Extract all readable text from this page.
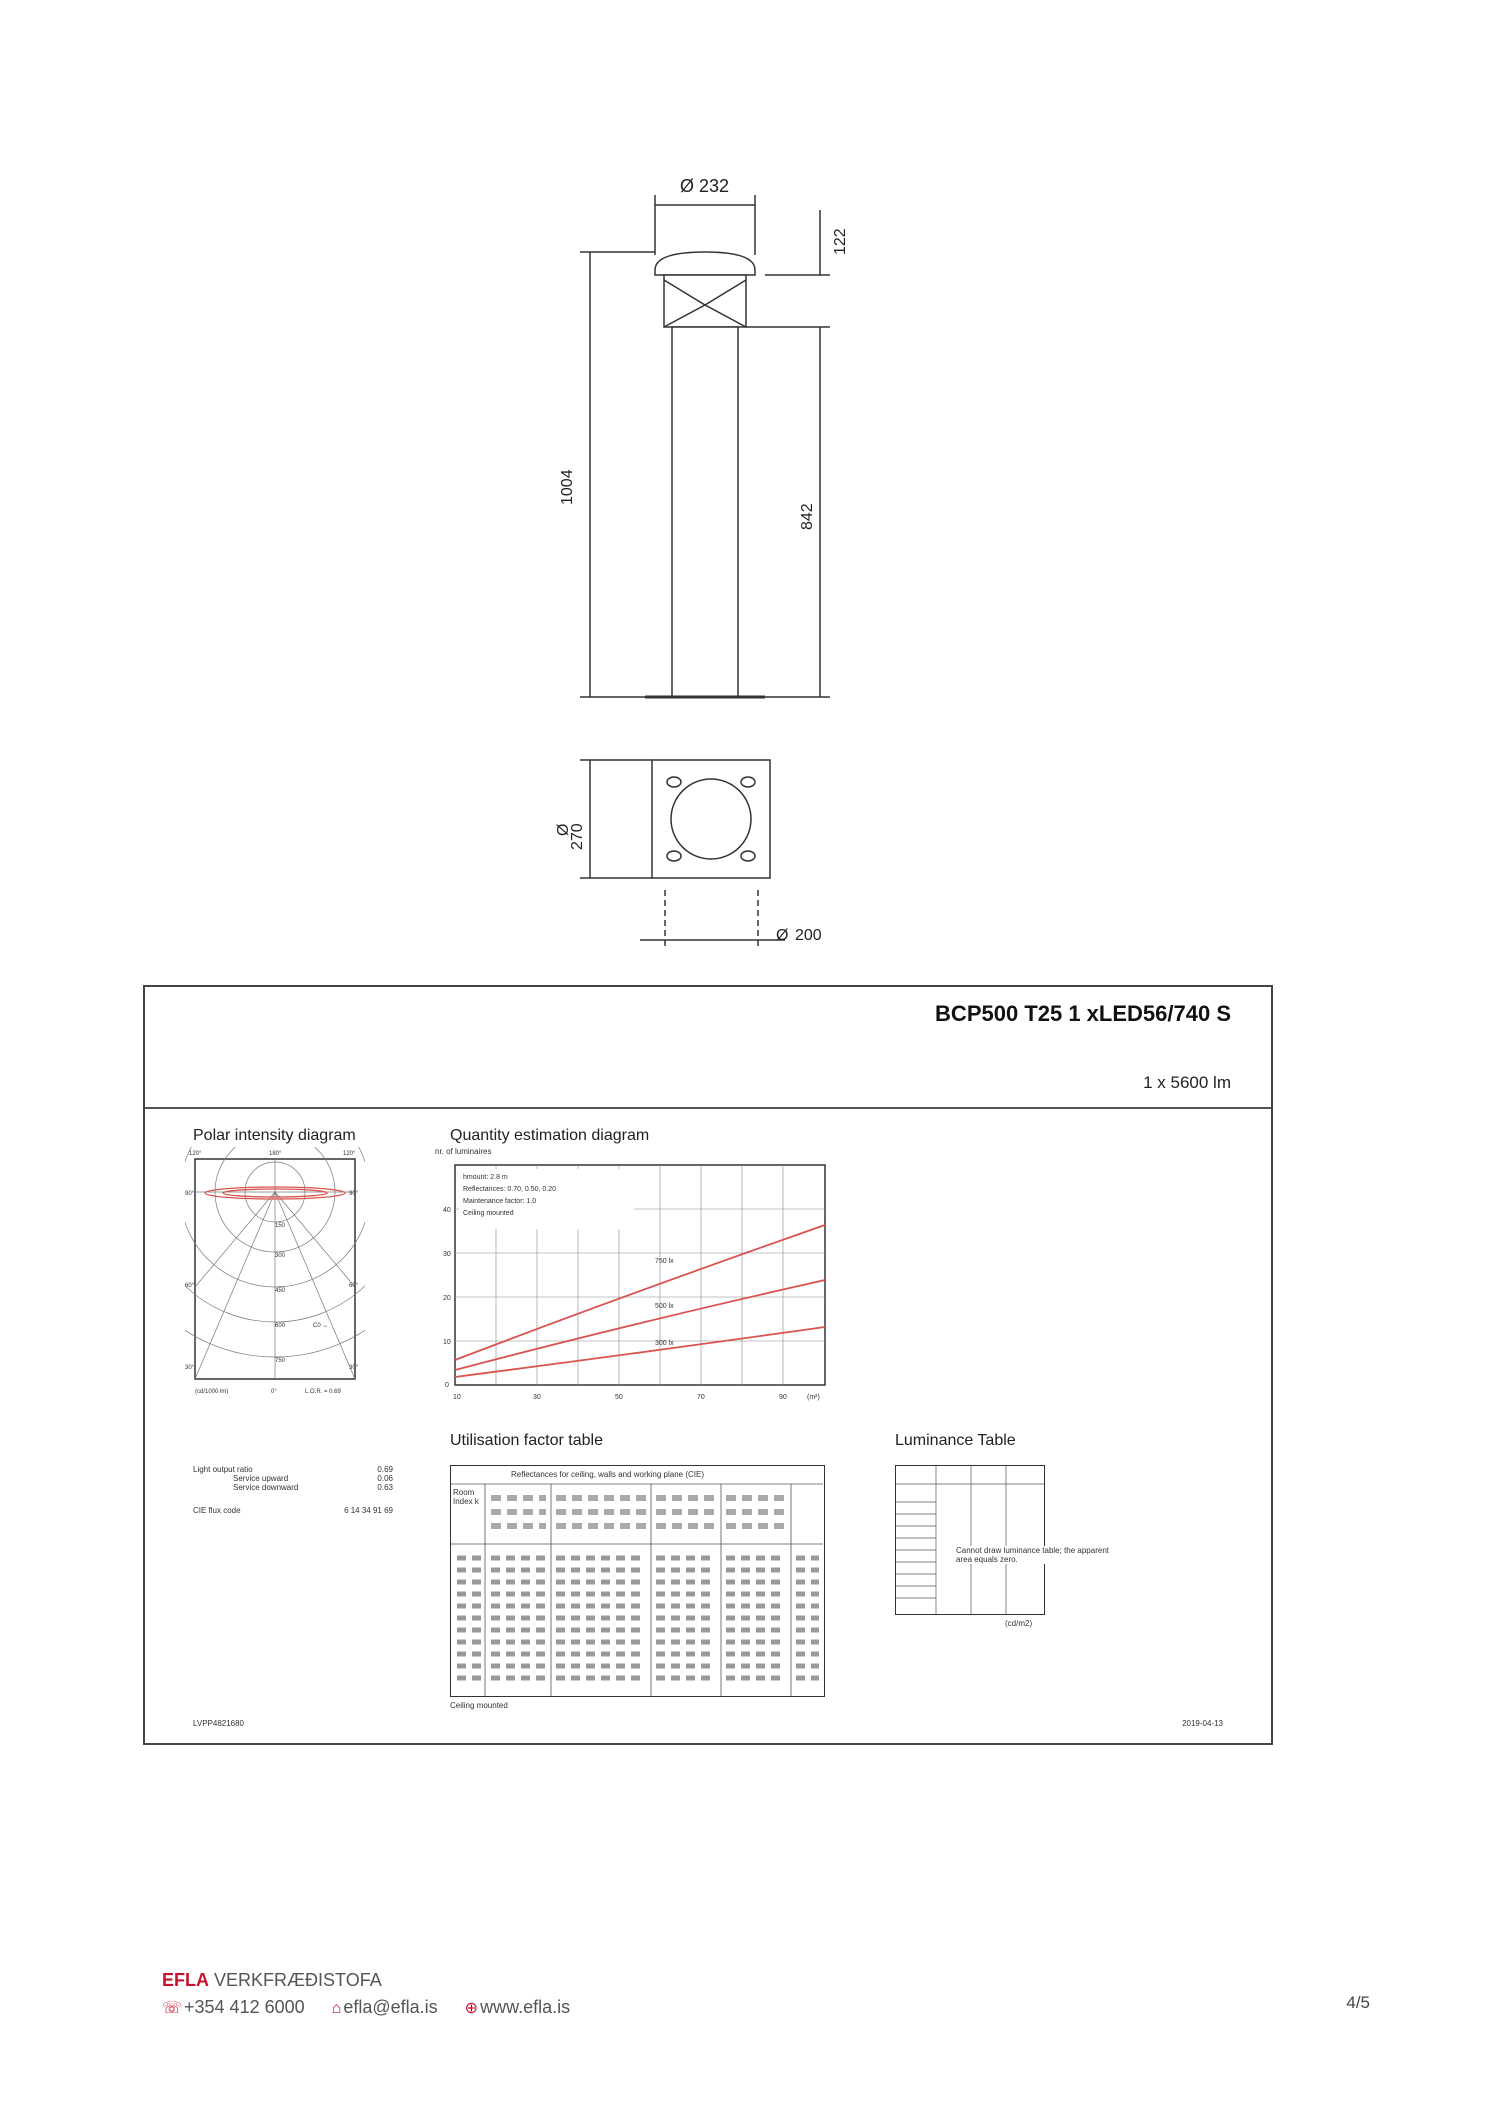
Ø 232
122
1004
842
270
200
Ø
Ø
BCP500 T25 1 xLED56/740 S
1 x 5600 lm
Polar intensity diagram
120°	180°	120°
90°	90°
60°	60°
30°	30°
150
300
450
600
750
C0 ↔
(cd/1000 lm)	0°	L.O.R. = 0.69
Quantity estimation diagram
nr. of luminaires
hmount: 2.8 m
Reflectances: 0.70, 0.50, 0.20
Maintenance factor: 1.0
Ceiling mounted
40
30
20
10
0
10	30	50	70	90	(m²)
750 lx
500 lx
300 lx
Light output ratio	0.69
Service upward	0.06
Service downward	0.63
CIE flux code	6 14 34 91 69
Utilisation factor table
Reflectances for ceiling, walls and working plane (CIE)
Room Index k
Ceiling mounted
Luminance Table
Cannot draw luminance table; the apparent area equals zero.
(cd/m2)
LVPP4821680	2019-04-13
EFLA VERKFRÆÐISTOFA
☏ +354 412 6000 ⌂ efla@efla.is ⊕ www.efla.is	4/5
